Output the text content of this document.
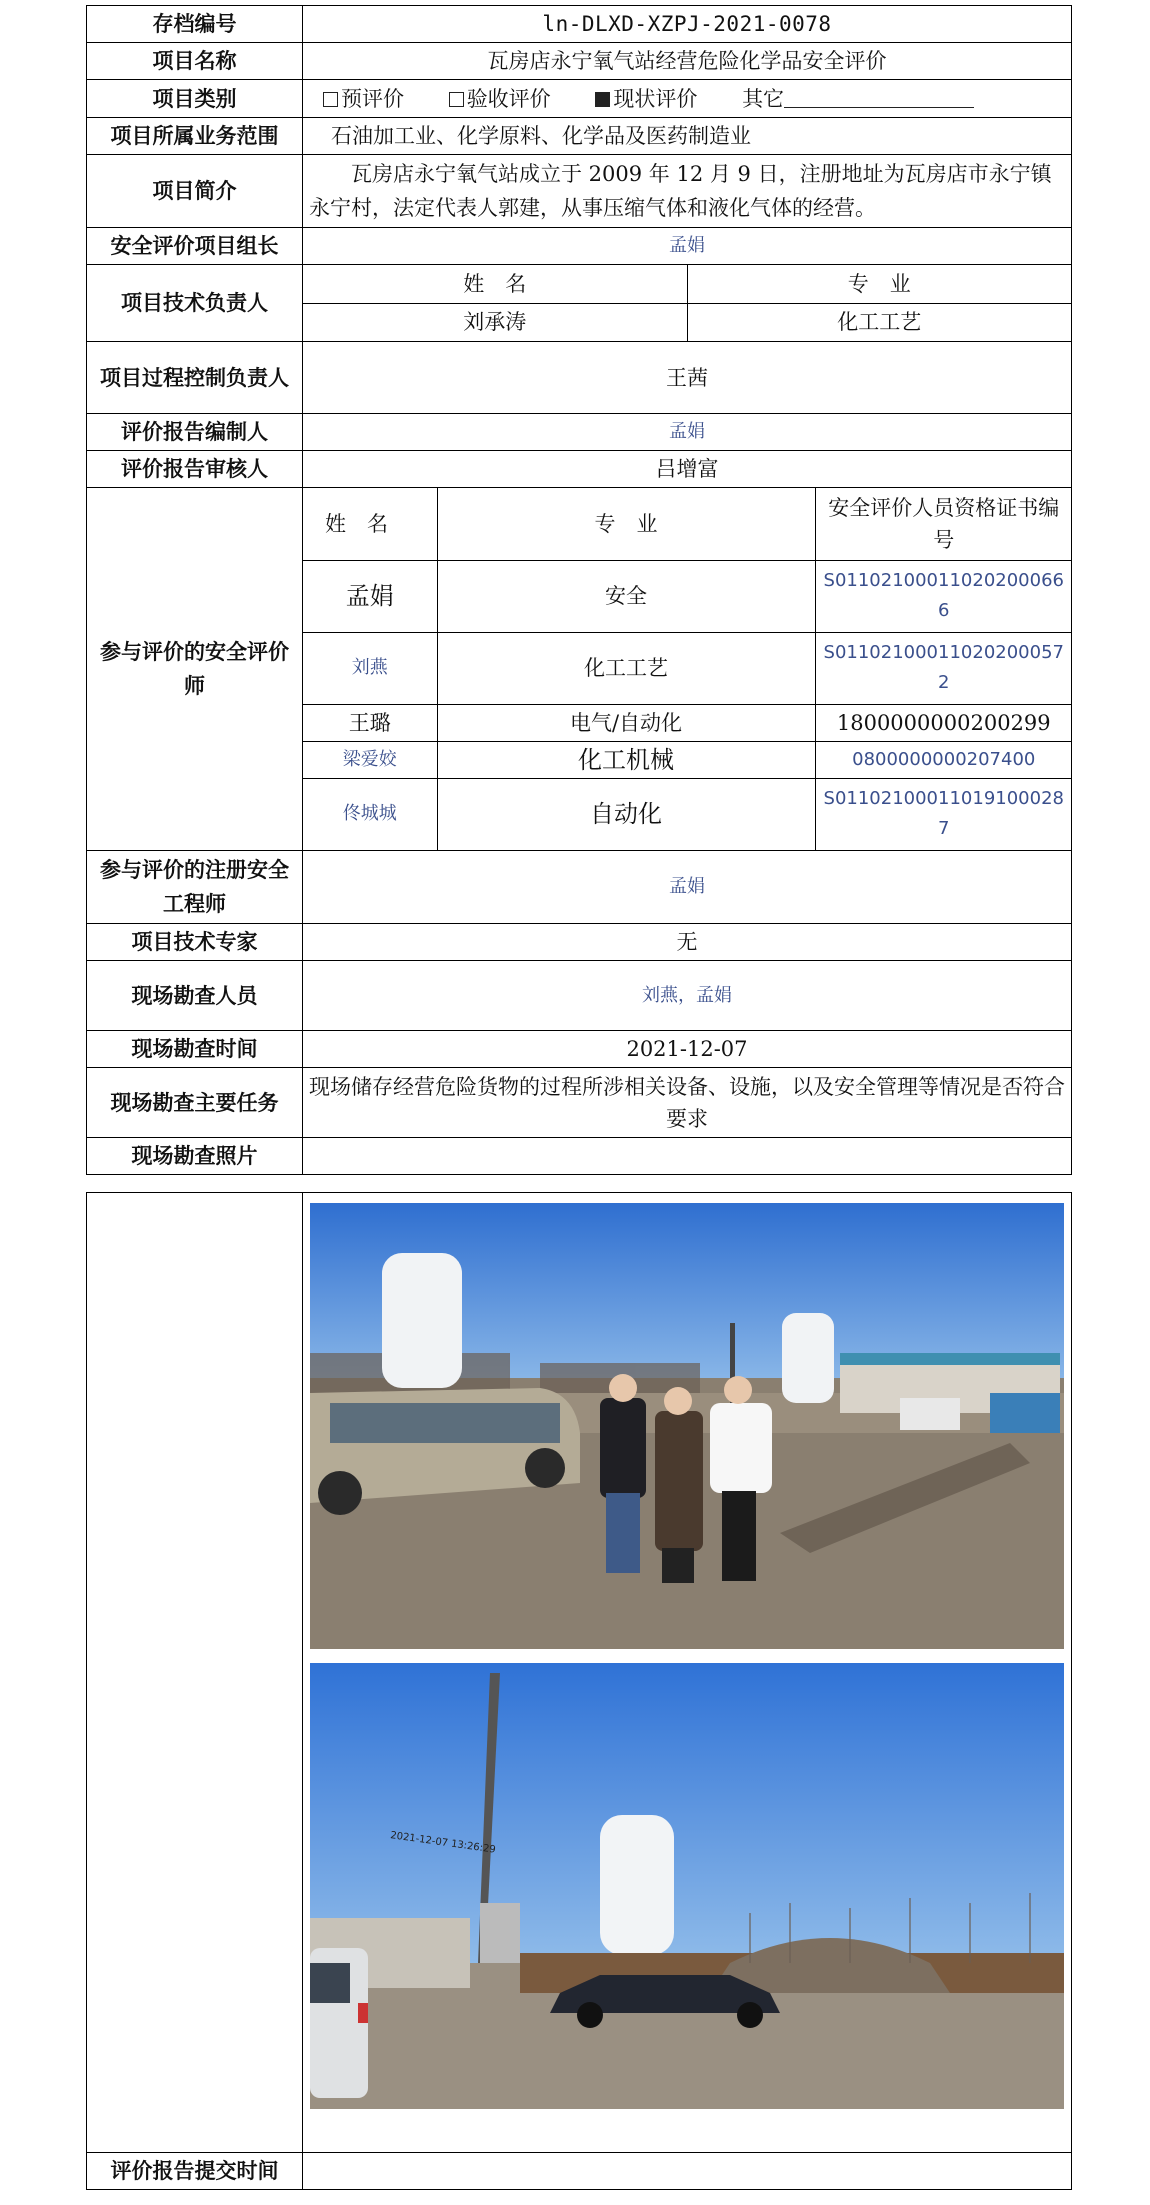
存档编号	ln-DLXD-XZPJ-2021-0078
项目名称	瓦房店永宁氧气站经营危险化学品安全评价
项目类别	预评价	验收评价	现状评价 其它
项目所属业务范围	石油加工业、化学原料、化学品及医药制造业
项目简介	瓦房店永宁氧气站成立于 2009 年 12 月 9 日，注册地址为瓦房店市永宁镇永宁村，法定代表人郭建，从事压缩气体和液化气体的经营。
安全评价项目组长	孟娟
项目技术负责人	
姓　名	专　业
刘承涛	化工工艺

项目过程控制负责人	王茜
评价报告编制人	孟娟
评价报告审核人	吕增富
参与评价的安全评价师	
姓　名	专　业	安全评价人员资格证书编号
孟娟	安全	S011021000110202000666
刘燕	化工工艺	S011021000110202000572
王璐	电气/自动化	1800000000200299
梁爱姣	化工机械	0800000000207400
佟城城	自动化	S011021000110191000287

参与评价的注册安全工程师	孟娟
项目技术专家	无
现场勘查人员	刘燕，孟娟
现场勘查时间	2021-12-07
现场勘查主要任务	现场储存经营危险货物的过程所涉相关设备、设施，以及安全管理等情况是否符合要求
现场勘查照片	

2021-12-07 13:26:29

评价报告提交时间	
